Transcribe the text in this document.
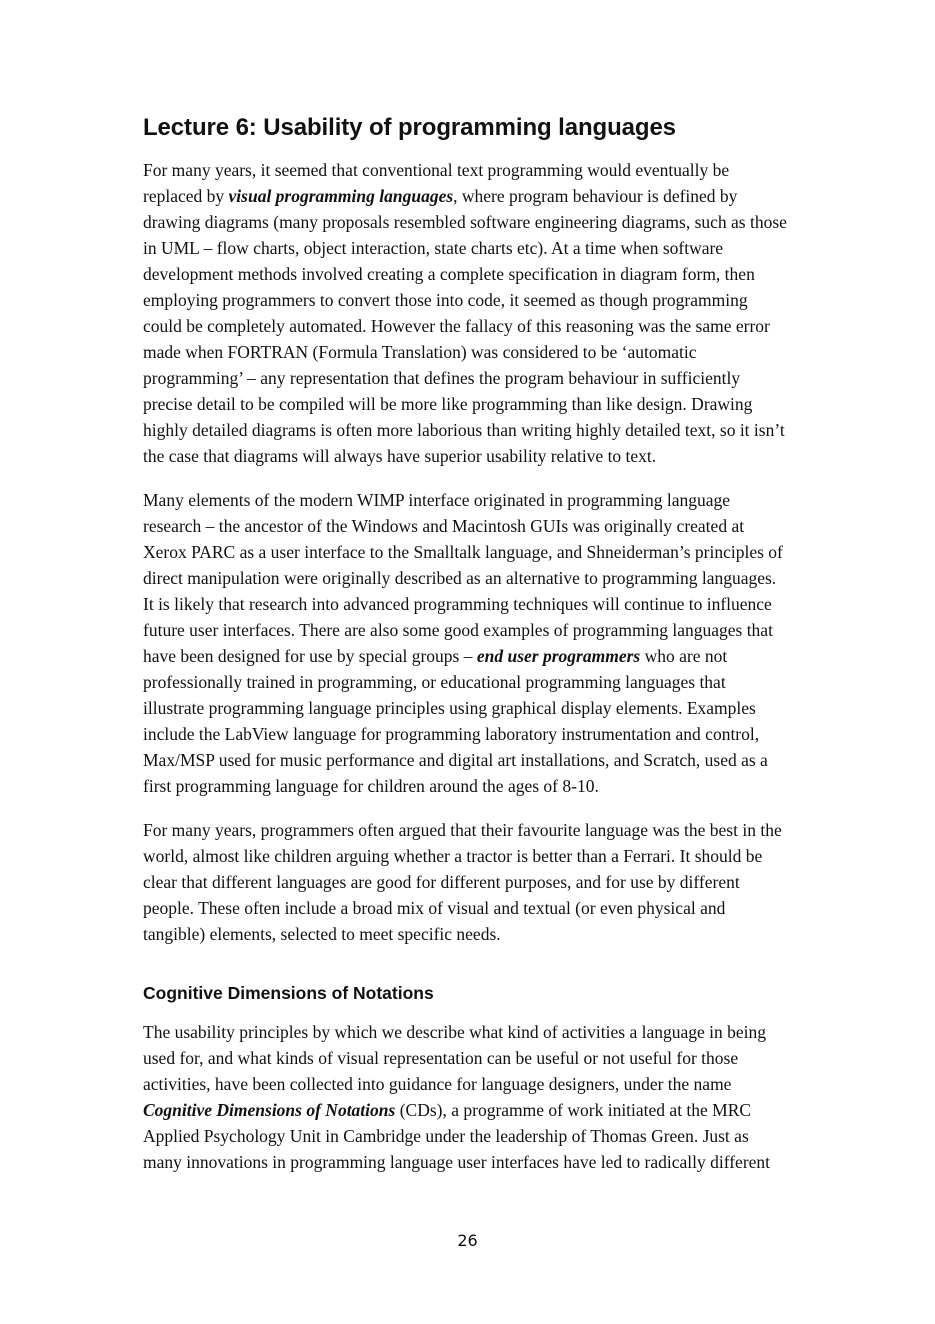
Lecture 6: Usability of programming languages

For many years, it seemed that conventional text programming would eventually be
replaced by visual programming languages, where program behaviour is defined by
drawing diagrams (many proposals resembled software engineering diagrams, such as those
in UML – flow charts, object interaction, state charts etc). At a time when software
development methods involved creating a complete specification in diagram form, then
employing programmers to convert those into code, it seemed as though programming
could be completely automated. However the fallacy of this reasoning was the same error
made when FORTRAN (Formula Translation) was considered to be ‘automatic
programming’ – any representation that defines the program behaviour in sufficiently
precise detail to be compiled will be more like programming than like design. Drawing
highly detailed diagrams is often more laborious than writing highly detailed text, so it isn’t
the case that diagrams will always have superior usability relative to text.

Many elements of the modern WIMP interface originated in programming language
research – the ancestor of the Windows and Macintosh GUIs was originally created at
Xerox PARC as a user interface to the Smalltalk language, and Shneiderman’s principles of
direct manipulation were originally described as an alternative to programming languages.
It is likely that research into advanced programming techniques will continue to influence
future user interfaces. There are also some good examples of programming languages that
have been designed for use by special groups – end user programmers who are not
professionally trained in programming, or educational programming languages that
illustrate programming language principles using graphical display elements. Examples
include the LabView language for programming laboratory instrumentation and control,
Max/MSP used for music performance and digital art installations, and Scratch, used as a
first programming language for children around the ages of 8-10.

For many years, programmers often argued that their favourite language was the best in the
world, almost like children arguing whether a tractor is better than a Ferrari. It should be
clear that different languages are good for different purposes, and for use by different
people. These often include a broad mix of visual and textual (or even physical and
tangible) elements, selected to meet specific needs.

Cognitive Dimensions of Notations

The usability principles by which we describe what kind of activities a language in being
used for, and what kinds of visual representation can be useful or not useful for those
activities, have been collected into guidance for language designers, under the name
Cognitive Dimensions of Notations (CDs), a programme of work initiated at the MRC
Applied Psychology Unit in Cambridge under the leadership of Thomas Green. Just as
many innovations in programming language user interfaces have led to radically different

26
